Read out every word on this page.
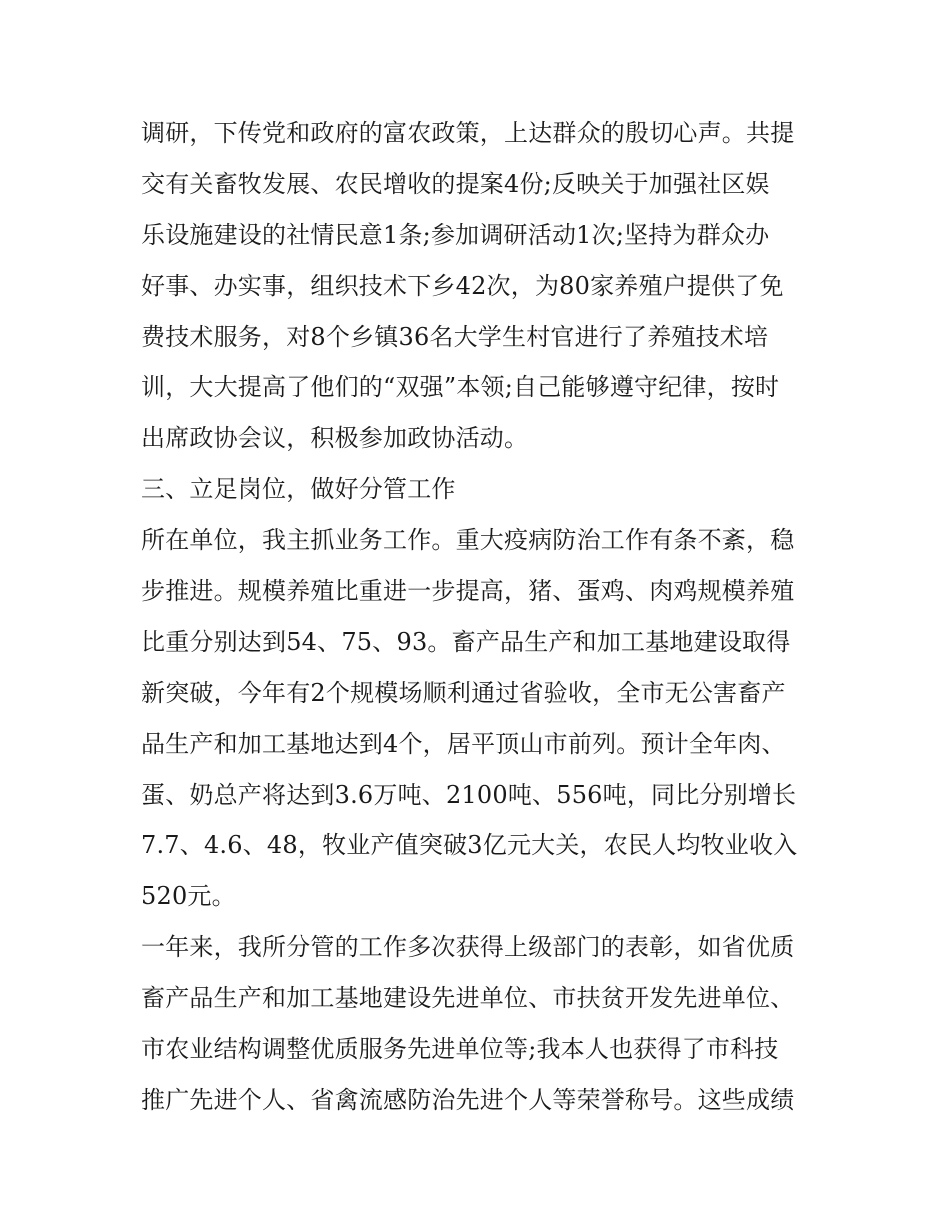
调研，下传党和政府的富农政策，上达群众的殷切心声。共提
交有关畜牧发展、农民增收的提案4份;反映关于加强社区娱
乐设施建设的社情民意1条;参加调研活动1次;坚持为群众办
好事、办实事，组织技术下乡42次，为80家养殖户提供了免
费技术服务，对8个乡镇36名大学生村官进行了养殖技术培
训，大大提高了他们的“双强”本领;自己能够遵守纪律，按时
出席政协会议，积极参加政协活动。
三、立足岗位，做好分管工作
所在单位，我主抓业务工作。重大疫病防治工作有条不紊，稳
步推进。规模养殖比重进一步提高，猪、蛋鸡、肉鸡规模养殖
比重分别达到54、75、93。畜产品生产和加工基地建设取得
新突破，今年有2个规模场顺利通过省验收，全市无公害畜产
品生产和加工基地达到4个，居平顶山市前列。预计全年肉、
蛋、奶总产将达到3.6万吨、2100吨、556吨，同比分别增长
7.7、4.6、48，牧业产值突破3亿元大关，农民人均牧业收入
520元。
一年来，我所分管的工作多次获得上级部门的表彰，如省优质
畜产品生产和加工基地建设先进单位、市扶贫开发先进单位、
市农业结构调整优质服务先进单位等;我本人也获得了市科技
推广先进个人、省禽流感防治先进个人等荣誉称号。这些成绩
